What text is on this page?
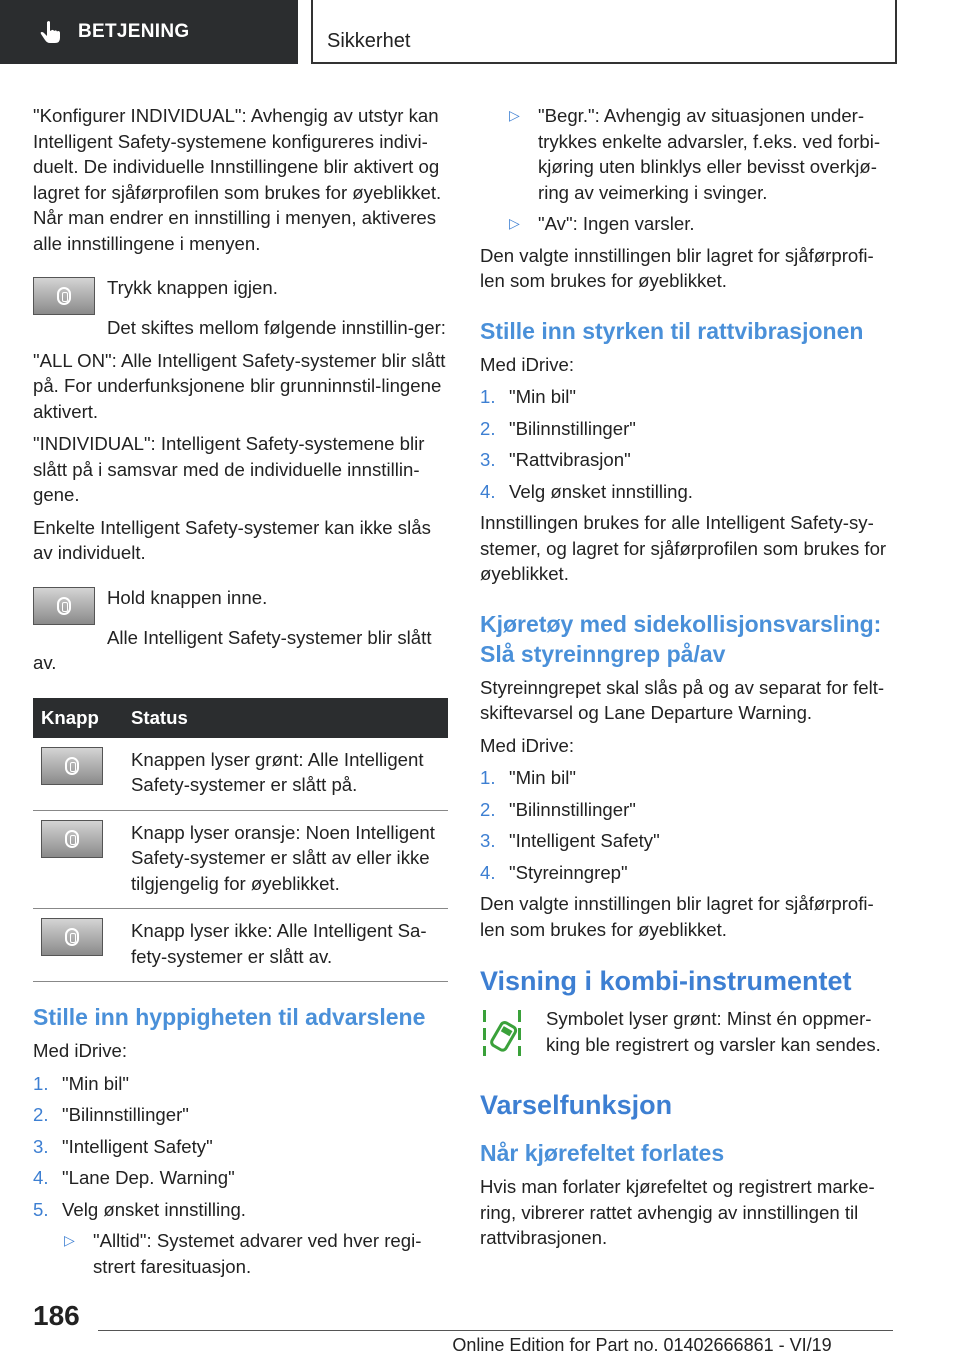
BETJENING	Sikkerhet

"Konfigurer INDIVIDUAL": Avhengig av utstyr kan Intelligent Safety-systemene konfigureres indivi-duelt. De individuelle Innstillingene blir aktivert og lagret for sjåførprofilen som brukes for øyeblikket. Når man endrer en innstilling i menyen, aktiveres alle innstillingene i menyen.

Trykk knappen igjen.

Det skiftes mellom følgende innstillin-ger:

"ALL ON": Alle Intelligent Safety-systemer blir slått på. For underfunksjonene blir grunninnstil-lingene aktivert.

"INDIVIDUAL": Intelligent Safety-systemene blir slått på i samsvar med de individuelle innstillin-gene.

Enkelte Intelligent Safety-systemer kan ikke slås av individuelt.

Hold knappen inne.

Alle Intelligent Safety-systemer blir slått av.

Knapp	Status

	Knappen lyser grønt: Alle Intelligent Safety-systemer er slått på.

	Knapp lyser oransje: Noen Intelligent Safety-systemer er slått av eller ikke tilgjengelig for øyeblikket.

	Knapp lyser ikke: Alle Intelligent Sa-fety-systemer er slått av.
Stille inn hyppigheten til advarslene

Med iDrive:

1. "Min bil"
2. "Bilinnstillinger"
3. "Intelligent Safety"
4. "Lane Dep. Warning"
5. Velg ønsket innstilling.
▷ "Alltid": Systemet advarer ved hver regi-strert faresituasjon.
▷ "Begr.": Avhengig av situasjonen under-trykkes enkelte advarsler, f.eks. ved forbi-kjøring uten blinklys eller bevisst overkjø-ring av veimerking i svinger.
▷ "Av": Ingen varsler.

Den valgte innstillingen blir lagret for sjåførprofi-len som brukes for øyeblikket.

Stille inn styrken til rattvibrasjonen

Med iDrive:

1. "Min bil"
2. "Bilinnstillinger"
3. "Rattvibrasjon"
4. Velg ønsket innstilling.

Innstillingen brukes for alle Intelligent Safety-sy-stemer, og lagret for sjåførprofilen som brukes for øyeblikket.

Kjøretøy med sidekollisjonsvarsling: Slå styreinngrep på/av

Styreinngrepet skal slås på og av separat for felt-skiftevarsel og Lane Departure Warning.

Med iDrive:

1. "Min bil"
2. "Bilinnstillinger"
3. "Intelligent Safety"
4. "Styreinngrep"

Den valgte innstillingen blir lagret for sjåførprofi-len som brukes for øyeblikket.

Visning i kombi-instrumentet

Symbolet lyser grønt: Minst én oppmer-king ble registrert og varsler kan sendes.

Varselfunksjon
Når kjørefeltet forlates

Hvis man forlater kjørefeltet og registrert marke-ring, vibrerer rattet avhengig av innstillingen til rattvibrasjonen.

186
Online Edition for Part no. 01402666861 - VI/19
